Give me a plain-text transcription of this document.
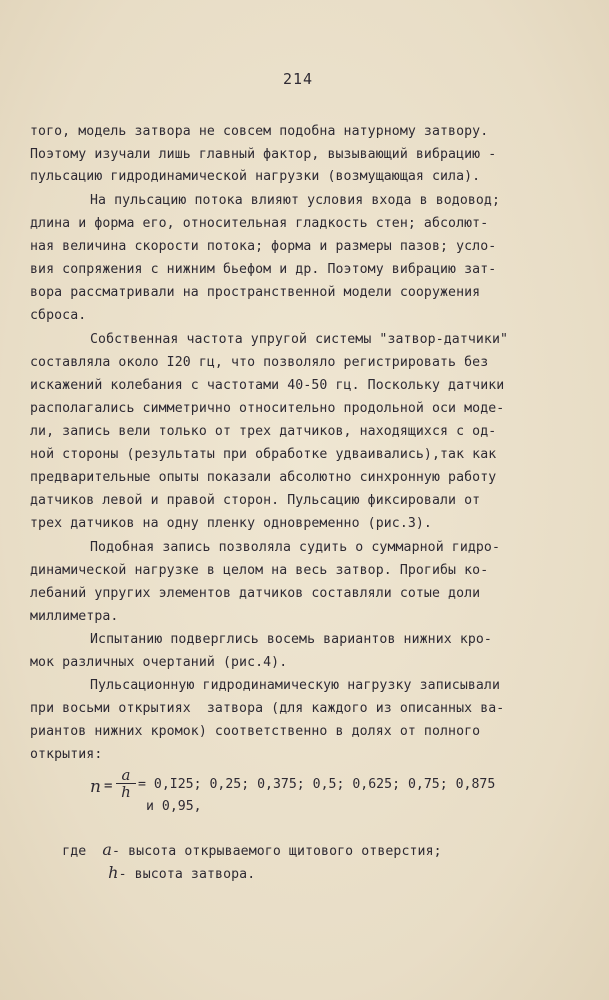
214
того, модель затвора не совсем подобна натурному затвору.
Поэтому изучали лишь главный фактор, вызывающий вибрацию -
пульсацию гидродинамической нагрузки (возмущающая сила).
На пульсацию потока влияют условия входа в водовод;
длина и форма его, относительная гладкость стен; абсолют-
ная величина скорости потока; форма и размеры пазов; усло-
вия сопряжения с нижним бьефом и др. Поэтому вибрацию зат-
вора рассматривали на пространственной модели сооружения
сброса.
Собственная частота упругой системы "затвор-датчики"
составляла около I20 гц, что позволяло регистрировать без
искажений колебания с частотами 40-50 гц. Поскольку датчики
располагались симметрично относительно продольной оси моде-
ли, запись вели только от трех датчиков, находящихся с од-
ной стороны (результаты при обработке удваивались),так как
предварительные опыты показали абсолютно синхронную работу
датчиков левой и правой сторон. Пульсацию фиксировали от
трех датчиков на одну пленку одновременно (рис.3).
Подобная запись позволяла судить о суммарной гидро-
динамической нагрузке в целом на весь затвор. Прогибы ко-
лебаний упругих элементов датчиков составляли сотые доли
миллиметра.
Испытанию подверглись восемь вариантов нижних кро-
мок различных очертаний (рис.4).
Пульсационную гидродинамическую нагрузку записывали
при восьми открытиях  затвора (для каждого из описанных ва-
риантов нижних кромок) соответственно в долях от полного
открытия:
n =
a
h = 0,I25; 0,25; 0,375; 0,5; 0,625; 0,75; 0,875
и 0,95,

где a- высота открываемого щитового отверстия;

h- высота затвора.
